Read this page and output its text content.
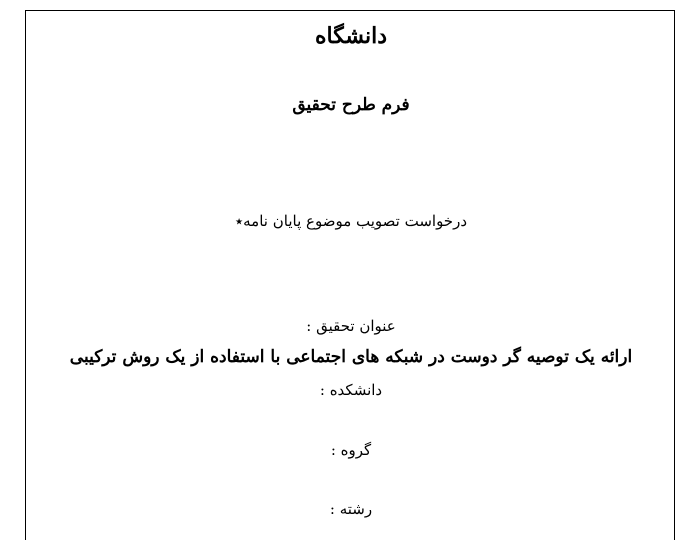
دانشگاه
فرم طرح تحقیق
درخواست تصویب موضوع پایان نامه٭
عنوان تحقیق :
ارائه یک توصیه گر دوست در شبکه های اجتماعی با استفاده از یک روش ترکیبی
دانشکده :
گروه :
رشته :
